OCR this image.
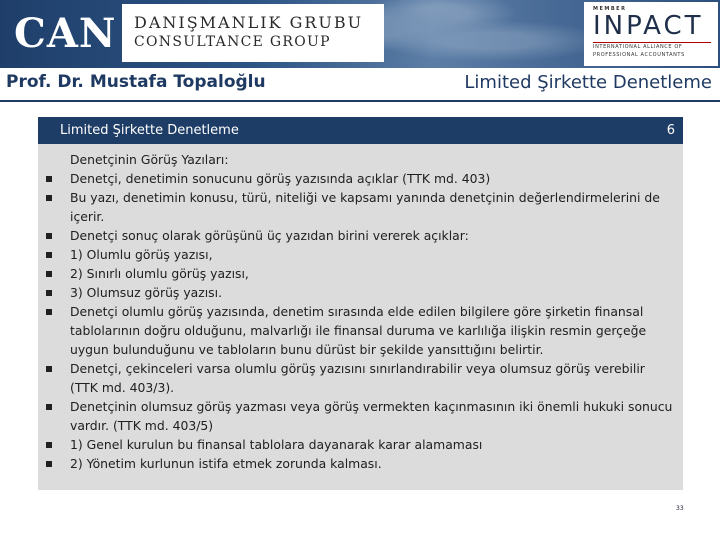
CAN DANIŞMANLIK GRUBU
CONSULTANCE GROUP
MEMBER
INPACT
INTERNATIONAL ALLIANCE OF
PROFESSIONAL ACCOUNTANTS
Prof. Dr. Mustafa Topaloğlu	Limited Şirkette Denetleme
Limited Şirkette Denetleme	6
Denetçinin Görüş Yazıları:
Denetçi, denetimin sonucunu görüş yazısında açıklar (TTK md. 403)
Bu yazı, denetimin konusu, türü, niteliği ve kapsamı yanında denetçinin değerlendirmelerini de içerir.
Denetçi sonuç olarak görüşünü üç yazıdan birini vererek açıklar:
1) Olumlu görüş yazısı,
2) Sınırlı olumlu görüş yazısı,
3) Olumsuz görüş yazısı.
Denetçi olumlu görüş yazısında, denetim sırasında elde edilen bilgilere göre şirketin finansal tablolarının doğru olduğunu, malvarlığı ile finansal duruma ve karlılığa ilişkin resmin gerçeğe uygun bulunduğunu ve tabloların bunu dürüst bir şekilde yansıttığını belirtir.
Denetçi, çekinceleri varsa olumlu görüş yazısını sınırlandırabilir veya olumsuz görüş verebilir (TTK md. 403/3).
Denetçinin olumsuz görüş yazması veya görüş vermekten kaçınmasının iki önemli hukuki sonucu vardır. (TTK md. 403/5)
1) Genel kurulun bu finansal tablolara dayanarak karar alamaması
2) Yönetim kurlunun istifa etmek zorunda kalması.
33
